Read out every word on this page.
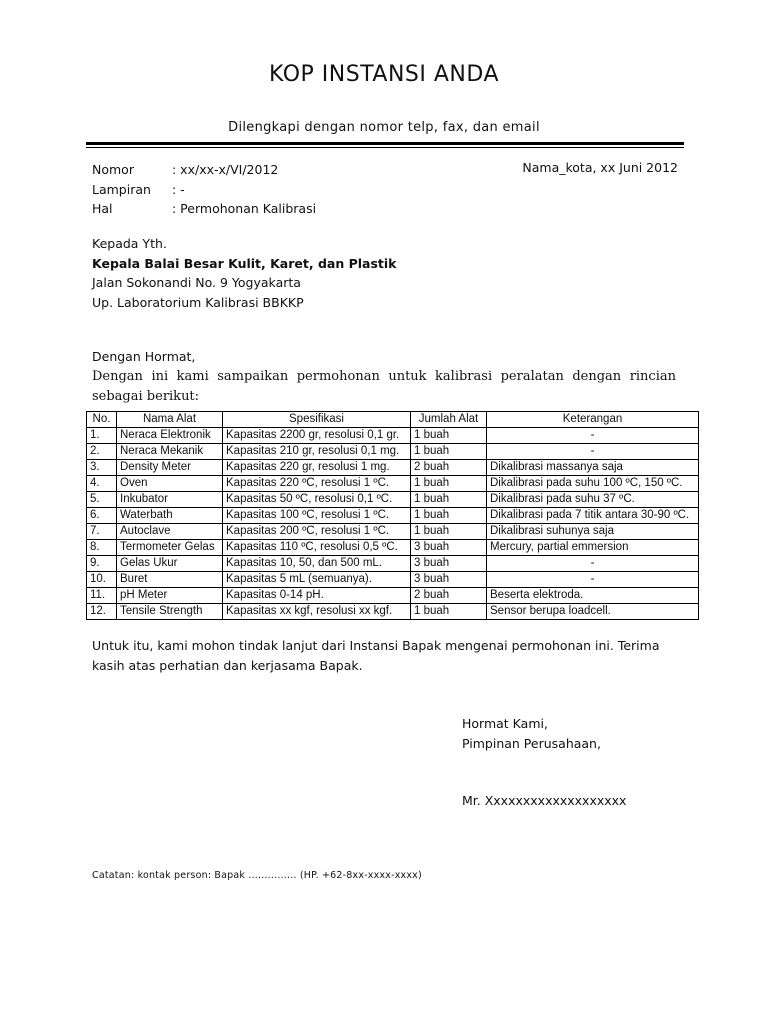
KOP INSTANSI ANDA
Dilengkapi dengan nomor telp, fax, dan email
Nomor	: xx/xx-x/VI/2012
Lampiran	: -
Hal	: Permohonan Kalibrasi
Nama_kota, xx Juni 2012
Kepada Yth.
Kepala Balai Besar Kulit, Karet, dan Plastik
Jalan Sokonandi No. 9 Yogyakarta
Up. Laboratorium Kalibrasi BBKKP
Dengan Hormat,
Dengan ini kami sampaikan permohonan untuk kalibrasi peralatan dengan rincian sebagai berikut:
No.	Nama Alat	Spesifikasi	Jumlah Alat	Keterangan
1.	Neraca Elektronik	Kapasitas 2200 gr, resolusi 0,1 gr.	1 buah	-
2.	Neraca Mekanik	Kapasitas 210 gr, resolusi 0,1 mg.	1 buah	-
3.	Density Meter	Kapasitas 220 gr, resolusi 1 mg.	2 buah	Dikalibrasi massanya saja
4.	Oven	Kapasitas 220 ºC, resolusi 1 ºC.	1 buah	Dikalibrasi pada suhu 100 ºC, 150 ºC.
5.	Inkubator	Kapasitas 50 ºC, resolusi 0,1 ºC.	1 buah	Dikalibrasi pada suhu 37 ºC.
6.	Waterbath	Kapasitas 100 ºC, resolusi 1 ºC.	1 buah	Dikalibrasi pada 7 titik antara 30-90 ºC.
7.	Autoclave	Kapasitas 200 ºC, resolusi 1 ºC.	1 buah	Dikalibrasi suhunya saja
8.	Termometer Gelas	Kapasitas 110 ºC, resolusi 0,5 ºC.	3 buah	Mercury, partial emmersion
9.	Gelas Ukur	Kapasitas 10, 50, dan 500 mL.	3 buah	-
10.	Buret	Kapasitas 5 mL (semuanya).	3 buah	-
11.	pH Meter	Kapasitas 0-14 pH.	2 buah	Beserta elektroda.
12.	Tensile Strength	Kapasitas xx kgf, resolusi xx kgf.	1 buah	Sensor berupa loadcell.
Untuk itu, kami mohon tindak lanjut dari Instansi Bapak mengenai permohonan ini. Terima kasih atas perhatian dan kerjasama Bapak.
Hormat Kami,
Pimpinan Perusahaan,
Mr. Xxxxxxxxxxxxxxxxxxx
Catatan: kontak person: Bapak ............... (HP. +62-8xx-xxxx-xxxx)
